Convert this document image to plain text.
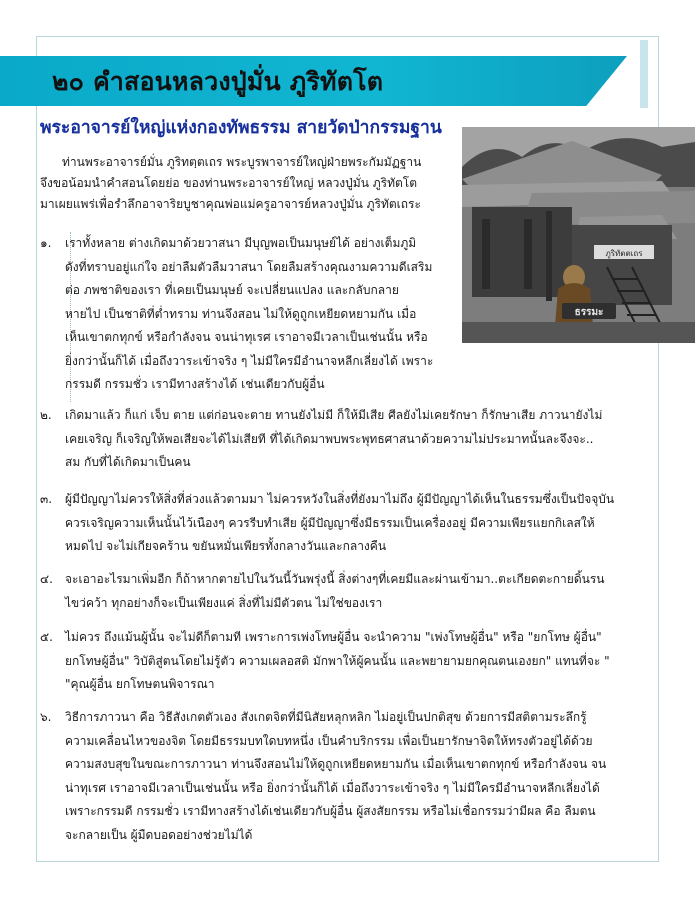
๒๐ คำสอนหลวงปู่มั่น ภูริทัตโต
พระอาจารย์ใหญ่แห่งกองทัพธรรม สายวัดป่ากรรมฐาน
ท่านพระอาจารย์มั่น ภูริทตฺตเถร พระบูรพาจารย์ใหญ่ฝ่ายพระกัมมัฏฐาน
จึงขอน้อมนำคำสอนโดยย่อ ของท่านพระอาจารย์ใหญ่ หลวงปู่มั่น ภูริทัตโต
มาเผยแพร่เพื่อรำลึกอาจาริยบูชาคุณพ่อแม่ครูอาจารย์หลวงปู่มั่น ภูริทัตเถระ
ภูริทัตตเถร
ธรรมะ
๑.	เราทั้งหลาย ต่างเกิดมาด้วยวาสนา มีบุญพอเป็นมนุษย์ได้ อย่างเต็มภูมิ
ดังที่ทราบอยู่แก่ใจ อย่าลืมตัวลืมวาสนา โดยลืมสร้างคุณงามความดีเสริม
ต่อ ภพชาติของเรา ที่เคยเป็นมนุษย์ จะเปลี่ยนแปลง และกลับกลาย
หายไป เป็นชาติที่ต่ำทราม ท่านจึงสอน ไม่ให้ดูถูกเหยียดหยามกัน เมื่อ
เห็นเขาตกทุกข์ หรือกำลังจน จนน่าทุเรศ เราอาจมีเวลาเป็นเช่นนั้น หรือ
ยิ่งกว่านั้นก็ได้ เมื่อถึงวาระเข้าจริง ๆ ไม่มีใครมีอำนาจหลีกเลี่ยงได้ เพราะ
กรรมดี กรรมชั่ว เรามีทางสร้างได้ เช่นเดียวกับผู้อื่น
๒.	เกิดมาแล้ว ก็แก่ เจ็บ ตาย แต่ก่อนจะตาย ทานยังไม่มี ก็ให้มีเสีย ศีลยังไม่เคยรักษา ก็รักษาเสีย ภาวนายังไม่
เคยเจริญ ก็เจริญให้พอเสียจะได้ไม่เสียที ที่ได้เกิดมาพบพระพุทธศาสนาด้วยความไม่ประมาทนั้นละจึงจะ..
สม กับที่ได้เกิดมาเป็นคน
๓.	ผู้มีปัญญาไม่ควรให้สิ่งที่ล่วงแล้วตามมา ไม่ควรหวังในสิ่งที่ยังมาไม่ถึง ผู้มีปัญญาได้เห็นในธรรมซึ่งเป็นปัจจุบัน
ควรเจริญความเห็นนั้นไว้เนืองๆ ควรรีบทำเสีย ผู้มีปัญญาซึ่งมีธรรมเป็นเครื่องอยู่ มีความเพียรแยกกิเลสให้
หมดไป จะไม่เกียจคร้าน ขยันหมั่นเพียรทั้งกลางวันและกลางคืน
๔.	จะเอาอะไรมาเพิ่มอีก ก็ถ้าหากตายไปในวันนี้วันพรุ่งนี้ สิ่งต่างๆที่เคยมีและผ่านเข้ามา..ตะเกียดตะกายดิ้นรน
ไขว่คว้า ทุกอย่างก็จะเป็นเพียงแค่ สิ่งที่ไม่มีตัวตน ไม่ใช่ของเรา
๕.	ไม่ควร ถึงแม้นผู้นั้น จะไม่ดีก็ตามที เพราะการเพ่งโทษผู้อื่น จะนำความ "เพ่งโทษผู้อื่น" หรือ "ยกโทษ ผู้อื่น"
ยกโทษผู้อื่น" วิบัติสู่ตนโดยไม่รู้ตัว ความเผลอสติ มักพาให้ผู้คนนั้น และพยายามยกคุณตนเองยก" แทนที่จะ "
"คุณผู้อื่น ยกโทษตนพิจารณา
๖.	วิธีการภาวนา คือ วิธีสังเกตตัวเอง สังเกตจิตที่มีนิสัยหลุกหลิก ไม่อยู่เป็นปกติสุข ด้วยการมีสติตามระลึกรู้
ความเคลื่อนไหวของจิต โดยมีธรรมบทใดบทหนึ่ง เป็นคำบริกรรม เพื่อเป็นยารักษาจิตให้ทรงตัวอยู่ได้ด้วย
ความสงบสุขในขณะการภาวนา ท่านจึงสอนไม่ให้ดูถูกเหยียดหยามกัน เมื่อเห็นเขาตกทุกข์ หรือกำลังจน จน
น่าทุเรศ เราอาจมีเวลาเป็นเช่นนั้น หรือ ยิ่งกว่านั้นก็ได้ เมื่อถึงวาระเข้าจริง ๆ ไม่มีใครมีอำนาจหลีกเลี่ยงได้
เพราะกรรมดี กรรมชั่ว เรามีทางสร้างได้เช่นเดียวกับผู้อื่น ผู้สงสัยกรรม หรือไม่เชื่อกรรมว่ามีผล คือ ลืมตน
จะกลายเป็น ผู้มืดบอดอย่างช่วยไม่ได้
